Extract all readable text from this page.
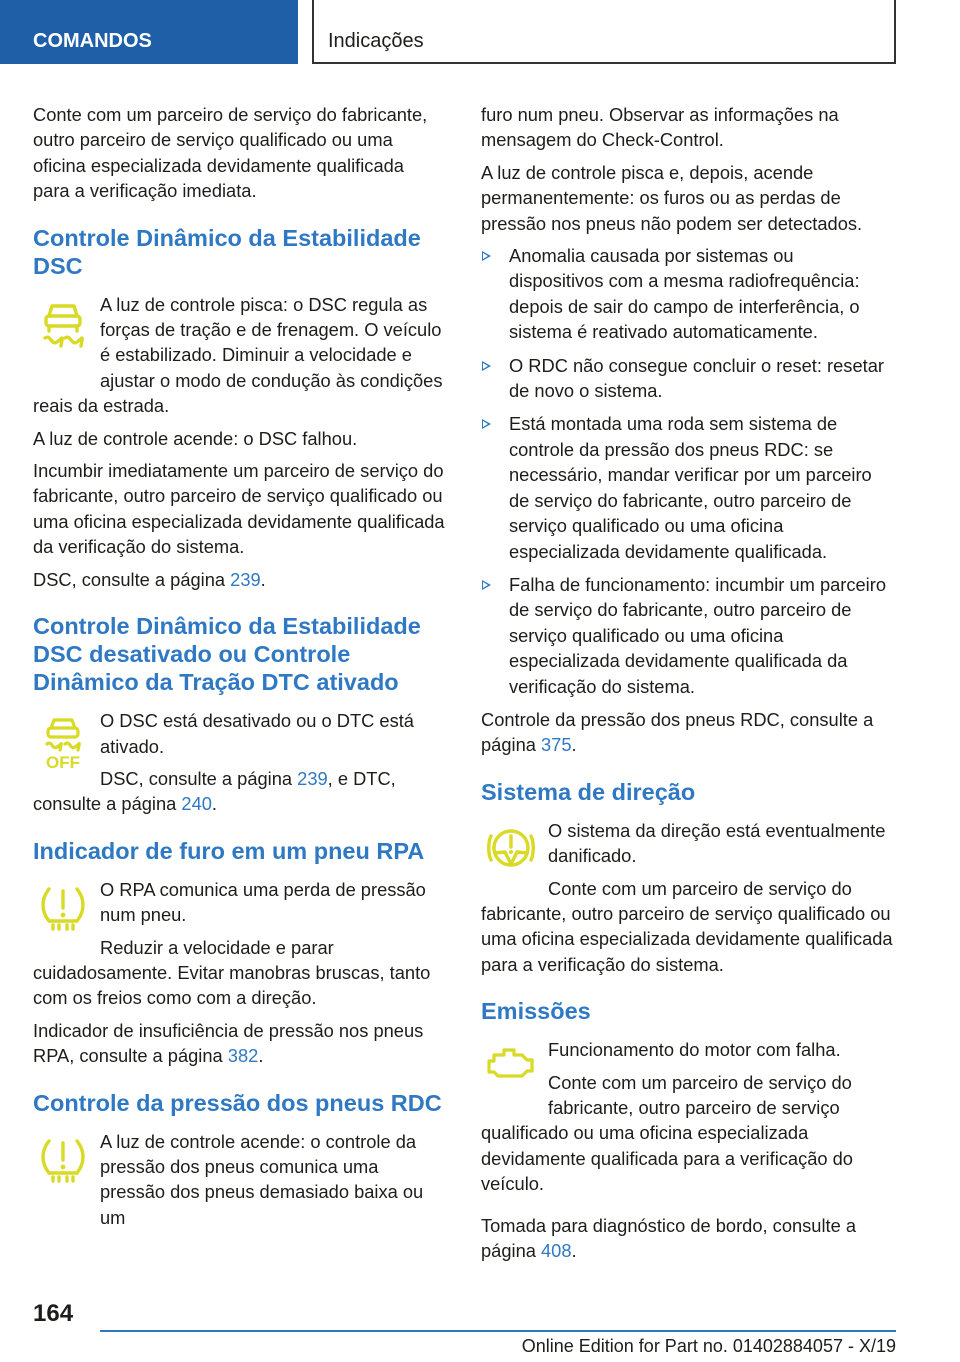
COMANDOS	Indicações

Conte com um parceiro de serviço do fabricante, outro parceiro de serviço qualificado ou uma oficina especializada devidamente qualificada para a verificação imediata.

Controle Dinâmico da Estabilidade DSC

A luz de controle pisca: o DSC regula as forças de tração e de frenagem. O veículo é estabilizado. Diminuir a velocidade e ajustar o modo de condução às condições reais da estrada.

A luz de controle acende: o DSC falhou.

Incumbir imediatamente um parceiro de serviço do fabricante, outro parceiro de serviço qualificado ou uma oficina especializada devidamente qualificada da verificação do sistema.

DSC, consulte a página 239.

Controle Dinâmico da Estabilidade DSC desativado ou Controle Dinâmico da Tração DTC ativado
OFF

O DSC está desativado ou o DTC está ativado.

DSC, consulte a página 239, e DTC, consulte a página 240.

Indicador de furo em um pneu RPA

O RPA comunica uma perda de pressão num pneu.

Reduzir a velocidade e parar cuidadosamente. Evitar manobras bruscas, tanto com os freios como com a direção.

Indicador de insuficiência de pressão nos pneus RPA, consulte a página 382.

Controle da pressão dos pneus RDC

A luz de controle acende: o controle da pressão dos pneus comunica uma pressão dos pneus demasiado baixa ou um

furo num pneu. Observar as informações na mensagem do Check-Control.

A luz de controle pisca e, depois, acende permanentemente: os furos ou as perdas de pressão nos pneus não podem ser detectados.

Anomalia causada por sistemas ou dispositivos com a mesma radiofrequência: depois de sair do campo de interferência, o sistema é reativado automaticamente.
O RDC não consegue concluir o reset: resetar de novo o sistema.
Está montada uma roda sem sistema de controle da pressão dos pneus RDC: se necessário, mandar verificar por um parceiro de serviço do fabricante, outro parceiro de serviço qualificado ou uma oficina especializada devidamente qualificada.
Falha de funcionamento: incumbir um parceiro de serviço do fabricante, outro parceiro de serviço qualificado ou uma oficina especializada devidamente qualificada da verificação do sistema.

Controle da pressão dos pneus RDC, consulte a página 375.

Sistema de direção

O sistema da direção está eventualmente danificado.

Conte com um parceiro de serviço do fabricante, outro parceiro de serviço qualificado ou uma oficina especializada devidamente qualificada para a verificação do sistema.

Emissões

Funcionamento do motor com falha.

Conte com um parceiro de serviço do fabricante, outro parceiro de serviço qualificado ou uma oficina especializada devidamente qualificada para a verificação do veículo.

Tomada para diagnóstico de bordo, consulte a página 408.

164
Online Edition for Part no. 01402884057 - X/19
